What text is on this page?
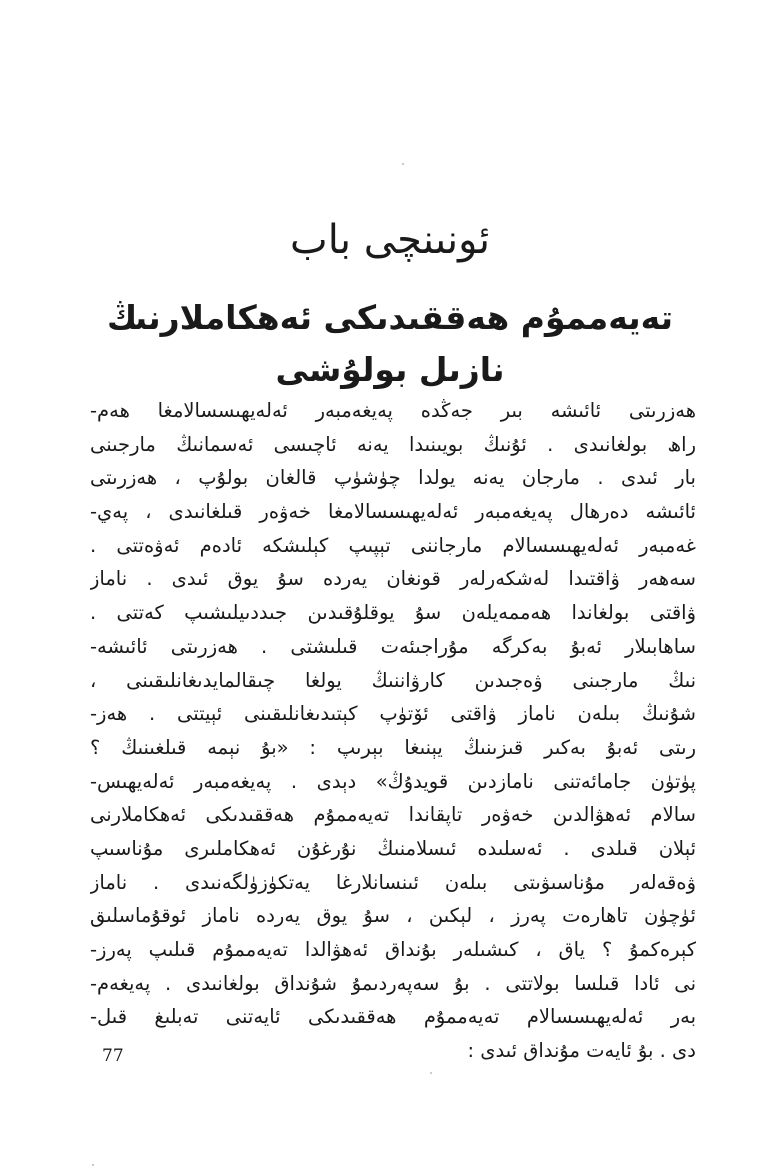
ئونىنچى باب
تەيەممۇم ھەققىدىكى ئەھكاملارنىڭ
نازىل بولۇشى
ھەزرىتى ئائىشە بىر جەڭدە پەيغەمبەر ئەلەيھىسسالامغا ھەم-
راھ بولغانىدى . ئۇنىڭ بويىنىدا يەنە ئاچىسى ئەسمانىڭ مارجىنى
بار ئىدى . مارجان يەنە يولدا چۈشۈپ قالغان بولۇپ ، ھەزرىتى
ئائىشە دەرھال پەيغەمبەر ئەلەيھىسسالامغا خەۋەر قىلغانىدى ، پەي-
غەمبەر ئەلەيھىسسالام مارجاننى تېپىپ كېلىشكە ئادەم ئەۋەتتى .
سەھەر ۋاقتىدا لەشكەرلەر قونغان يەردە سۇ يوق ئىدى . ناماز
ۋاقتى بولغاندا ھەممەيلەن سۇ يوقلۇقىدىن جىددىيلىشىپ كەتتى .
ساھابىلار ئەبۇ بەكرگە مۇراجىئەت قىلىشتى . ھەزرىتى ئائىشە-
نىڭ مارجىنى ۋەجىدىن كارۋاننىڭ يولغا چىقالمايدىغانلىقىنى ،
شۇنىڭ بىلەن ناماز ۋاقتى ئۆتۈپ كېتىدىغانلىقىنى ئېيتتى . ھەز-
رىتى ئەبۇ بەكىر قىزىنىڭ يېنىغا بېرىپ : «بۇ نېمە قىلغىنىڭ ؟
پۈتۈن جامائەتنى نامازدىن قويدۇڭ» دېدى . پەيغەمبەر ئەلەيھىس-
سالام ئەھۋالدىن خەۋەر تاپقاندا تەيەممۇم ھەققىدىكى ئەھكاملارنى
ئېلان قىلدى . ئەسلىدە ئىسلامنىڭ نۇرغۇن ئەھكاملىرى مۇناسىپ
ۋەقەلەر مۇناسىۋىتى بىلەن ئىنسانلارغا يەتكۈزۈلگەنىدى . ناماز
ئۈچۈن تاھارەت پەرز ، لېكىن ، سۇ يوق يەردە ناماز ئوقۇماسلىق
كېرەكمۇ ؟ ياق ، كىشىلەر بۇنداق ئەھۋالدا تەيەممۇم قىلىپ پەرز-
نى ئادا قىلسا بولاتتى . بۇ سەپەردىمۇ شۇنداق بولغانىدى . پەيغەم-
بەر ئەلەيھىسسالام تەيەممۇم ھەققىدىكى ئايەتنى تەبلىغ قىل-
دى . بۇ ئايەت مۇنداق ئىدى :
77
